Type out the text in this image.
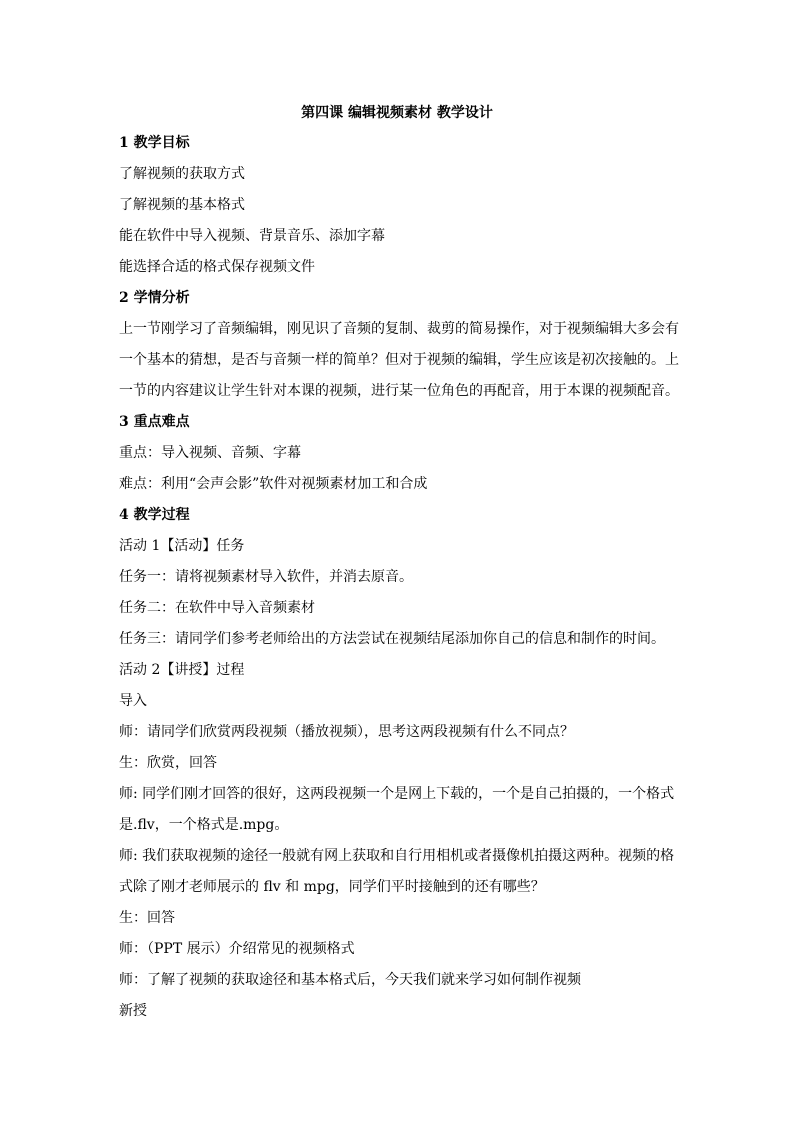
第四课 编辑视频素材 教学设计
1 教学目标
了解视频的获取方式
了解视频的基本格式
能在软件中导入视频、背景音乐、添加字幕
能选择合适的格式保存视频文件
2 学情分析
上一节刚学习了音频编辑，刚见识了音频的复制、裁剪的简易操作，对于视频编辑大多会有
一个基本的猜想，是否与音频一样的简单？但对于视频的编辑，学生应该是初次接触的。上
一节的内容建议让学生针对本课的视频，进行某一位角色的再配音，用于本课的视频配音。
3 重点难点
重点：导入视频、音频、字幕
难点：利用“会声会影”软件对视频素材加工和合成
4 教学过程
活动 1【活动】任务
任务一：请将视频素材导入软件，并消去原音。
任务二：在软件中导入音频素材
任务三：请同学们参考老师给出的方法尝试在视频结尾添加你自己的信息和制作的时间。
活动 2【讲授】过程
导入
师：请同学们欣赏两段视频（播放视频），思考这两段视频有什么不同点？
生：欣赏，回答
师: 同学们刚才回答的很好，这两段视频一个是网上下载的，一个是自己拍摄的，一个格式
是.flv，一个格式是.mpg。
师: 我们获取视频的途径一般就有网上获取和自行用相机或者摄像机拍摄这两种。视频的格
式除了刚才老师展示的 flv 和 mpg，同学们平时接触到的还有哪些？
生：回答
师：（PPT 展示）介绍常见的视频格式
师：了解了视频的获取途径和基本格式后，今天我们就来学习如何制作视频
新授
